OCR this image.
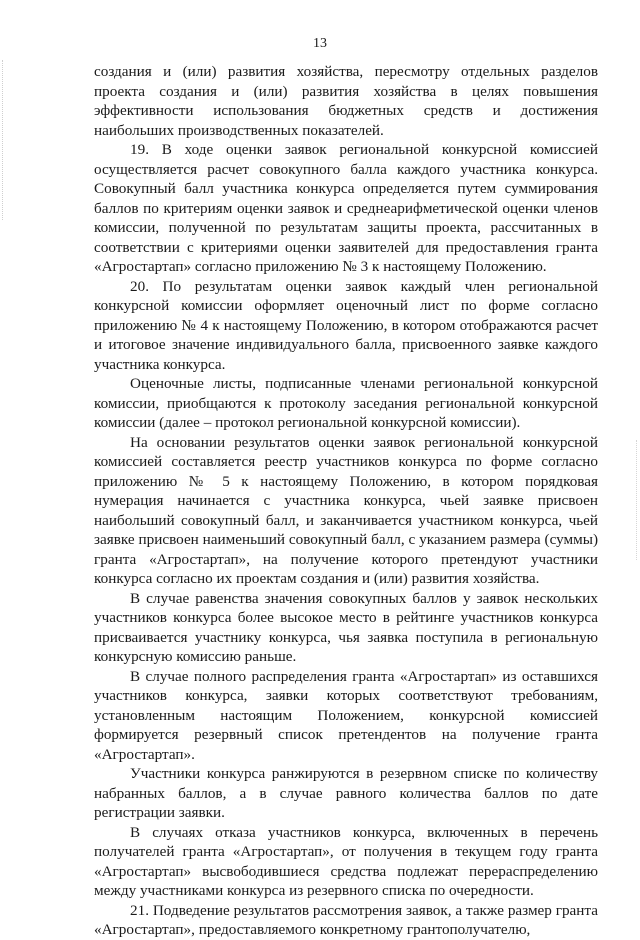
13

создания и (или) развития хозяйства, пересмотру отдельных разделов проекта создания и (или) развития хозяйства в целях повышения эффективности использования бюджетных средств и достижения наибольших производственных показателей.

19. В ходе оценки заявок региональной конкурсной комиссией осуществляется расчет совокупного балла каждого участника конкурса. Совокупный балл участника конкурса определяется путем суммирования баллов по критериям оценки заявок и среднеарифметической оценки членов комиссии, полученной по результатам защиты проекта, рассчитанных в соответствии с критериями оценки заявителей для предоставления гранта «Агростартап» согласно приложению № 3 к настоящему Положению.

20. По результатам оценки заявок каждый член региональной конкурсной комиссии оформляет оценочный лист по форме согласно приложению № 4 к настоящему Положению, в котором отображаются расчет и итоговое значение индивидуального балла, присвоенного заявке каждого участника конкурса.

Оценочные листы, подписанные членами региональной конкурсной комиссии, приобщаются к протоколу заседания региональной конкурсной комиссии (далее – протокол региональной конкурсной комиссии).

На основании результатов оценки заявок региональной конкурсной комиссией составляется реестр участников конкурса по форме согласно приложению № 5 к настоящему Положению, в котором порядковая нумерация начинается с участника конкурса, чьей заявке присвоен наибольший совокупный балл, и заканчивается участником конкурса, чьей заявке присвоен наименьший совокупный балл, с указанием размера (суммы) гранта «Агростартап», на получение которого претендуют участники конкурса согласно их проектам создания и (или) развития хозяйства.

В случае равенства значения совокупных баллов у заявок нескольких участников конкурса более высокое место в рейтинге участников конкурса присваивается участнику конкурса, чья заявка поступила в региональную конкурсную комиссию раньше.

В случае полного распределения гранта «Агростартап» из оставшихся участников конкурса, заявки которых соответствуют требованиям, установленным настоящим Положением, конкурсной комиссией формируется резервный список претендентов на получение гранта «Агростартап».

Участники конкурса ранжируются в резервном списке по количеству набранных баллов, а в случае равного количества баллов по дате регистрации заявки.

В случаях отказа участников конкурса, включенных в перечень получателей гранта «Агростартап», от получения в текущем году гранта «Агростартап» высвободившиеся средства подлежат перераспределению между участниками конкурса из резервного списка по очередности.

21. Подведение результатов рассмотрения заявок, а также размер гранта «Агростартап», предоставляемого конкретному грантополучателю,
